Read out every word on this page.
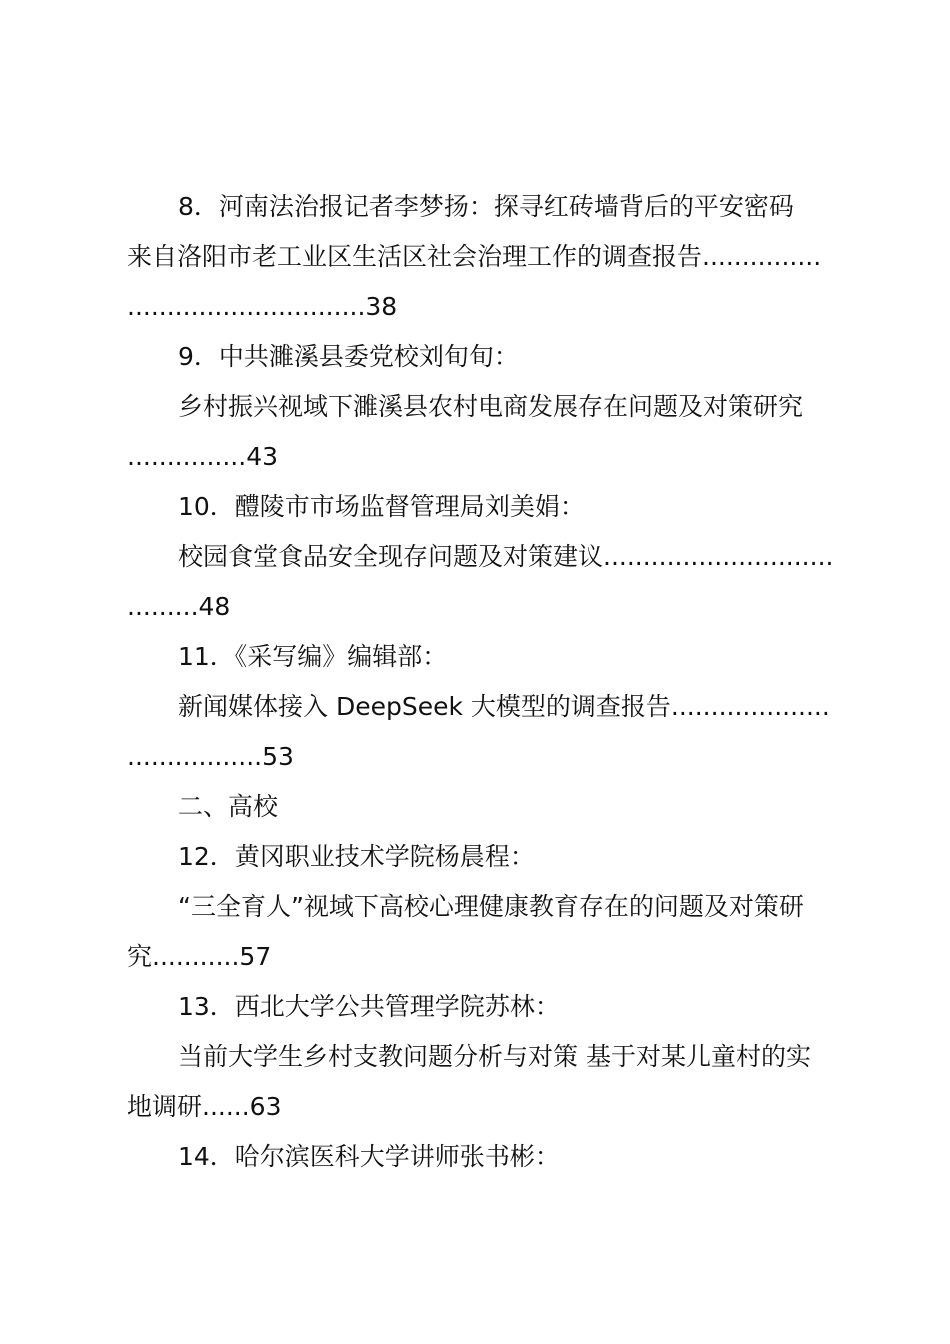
8．河南法治报记者李梦扬：探寻红砖墙背后的平安密码
来自洛阳市老工业区生活区社会治理工作的调查报告...............
..............................38
9．中共濉溪县委党校刘旬旬：
乡村振兴视域下濉溪县农村电商发展存在问题及对策研究
...............43
10．醴陵市市场监督管理局刘美娟：
校园食堂食品安全现存问题及对策建议.............................
.........48
11．《采写编》编辑部：
新闻媒体接入 DeepSeek 大模型的调查报告....................
.................53
二、高校
12．黄冈职业技术学院杨晨程：
“三全育人”视域下高校心理健康教育存在的问题及对策研
究...........57
13．西北大学公共管理学院苏林：
当前大学生乡村支教问题分析与对策 基于对某儿童村的实
地调研......63
14．哈尔滨医科大学讲师张书彬：
